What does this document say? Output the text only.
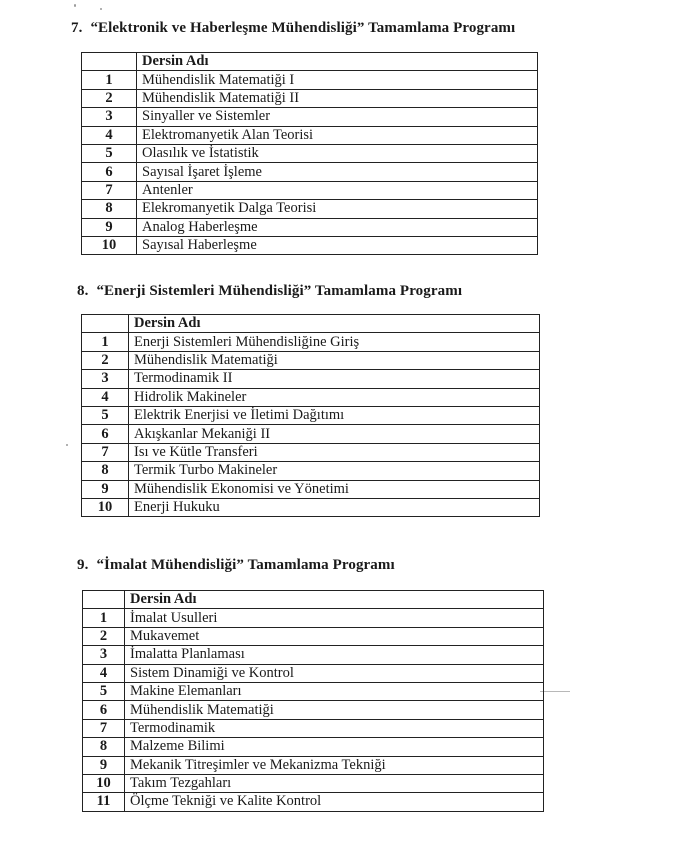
7. “Elektronik ve Haberleşme Mühendisliği” Tamamlama Programı
	Dersin Adı
1	Mühendislik Matematiği I
2	Mühendislik Matematiği II
3	Sinyaller ve Sistemler
4	Elektromanyetik Alan Teorisi
5	Olasılık ve İstatistik
6	Sayısal İşaret İşleme
7	Antenler
8	Elekromanyetik Dalga Teorisi
9	Analog Haberleşme
10	Sayısal Haberleşme
8. “Enerji Sistemleri Mühendisliği” Tamamlama Programı
	Dersin Adı
1	Enerji Sistemleri Mühendisliğine Giriş
2	Mühendislik Matematiği
3	Termodinamik II
4	Hidrolik Makineler
5	Elektrik Enerjisi ve İletimi Dağıtımı
6	Akışkanlar Mekaniği II
7	Isı ve Kütle Transferi
8	Termik Turbo Makineler
9	Mühendislik Ekonomisi ve Yönetimi
10	Enerji Hukuku
9. “İmalat Mühendisliği” Tamamlama Programı
	Dersin Adı
1	İmalat Usulleri
2	Mukavemet
3	İmalatta Planlaması
4	Sistem Dinamiği ve Kontrol
5	Makine Elemanları
6	Mühendislik Matematiği
7	Termodinamik
8	Malzeme Bilimi
9	Mekanik Titreşimler ve Mekanizma Tekniği
10	Takım Tezgahları
11	Ölçme Tekniği ve Kalite Kontrol
